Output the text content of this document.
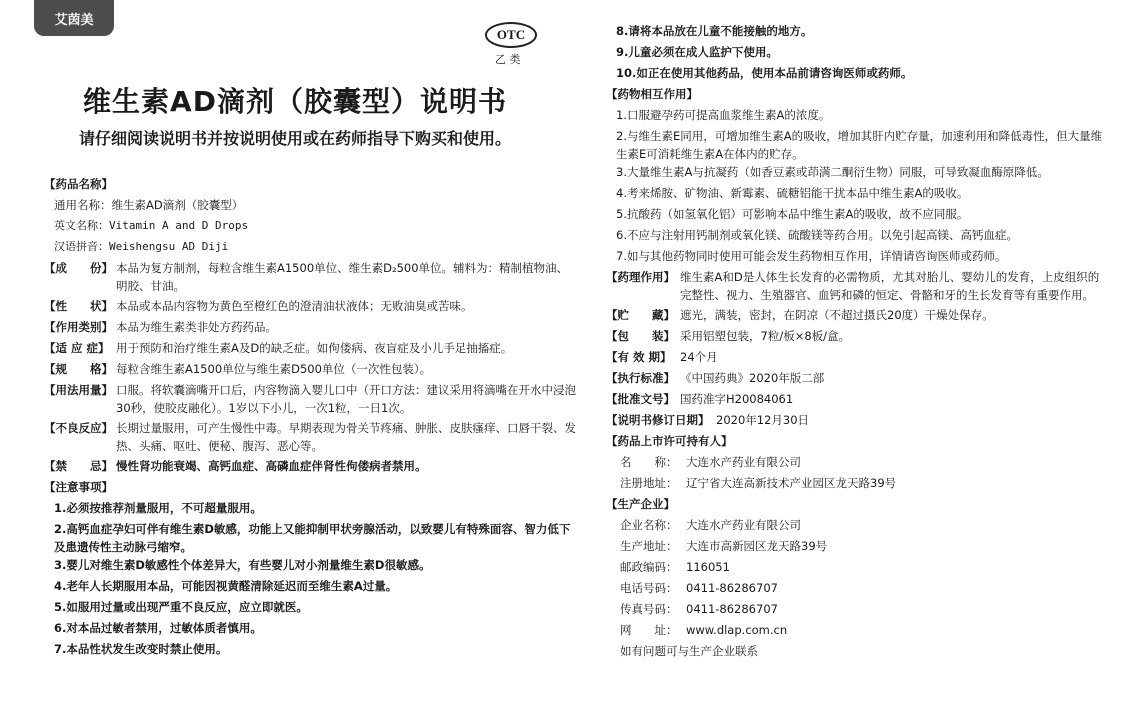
艾茵美
OTC
乙 类
维生素AD滴剂（胶囊型）说明书
请仔细阅读说明书并按说明使用或在药师指导下购买和使用。
【药品名称】
通用名称：维生素AD滴剂（胶囊型）
英文名称：Vitamin A and D Drops
汉语拼音：Weishengsu AD Diji
【成　　份】 本品为复方制剂，每粒含维生素A1500单位、维生素D₂500单位。辅料为：精制植物油、明胶、甘油。
【性　　状】 本品或本品内容物为黄色至橙红色的澄清油状液体；无败油臭或苦味。
【作用类别】 本品为维生素类非处方药药品。
【适 应 症】 用于预防和治疗维生素A及D的缺乏症。如佝偻病、夜盲症及小儿手足抽搐症。
【规　　格】 每粒含维生素A1500单位与维生素D500单位（一次性包装）。
【用法用量】 口服。将软囊滴嘴开口后，内容物滴入婴儿口中（开口方法：建议采用将滴嘴在开水中浸泡30秒，使胶皮融化）。1岁以下小儿，一次1粒，一日1次。
【不良反应】 长期过量服用，可产生慢性中毒。早期表现为骨关节疼痛、肿胀、皮肤瘙痒、口唇干裂、发热、头痛、呕吐、便秘、腹泻、恶心等。
【禁　　忌】 慢性肾功能衰竭、高钙血症、高磷血症伴肾性佝偻病者禁用。
【注意事项】
1.必须按推荐剂量服用，不可超量服用。
2.高钙血症孕妇可伴有维生素D敏感，功能上又能抑制甲状旁腺活动，以致婴儿有特殊面容、智力低下及患遗传性主动脉弓缩窄。
3.婴儿对维生素D敏感性个体差异大，有些婴儿对小剂量维生素D很敏感。
4.老年人长期服用本品，可能因视黄醛清除延迟而至维生素A过量。
5.如服用过量或出现严重不良反应，应立即就医。
6.对本品过敏者禁用，过敏体质者慎用。
7.本品性状发生改变时禁止使用。
8.请将本品放在儿童不能接触的地方。
9.儿童必须在成人监护下使用。
10.如正在使用其他药品，使用本品前请咨询医师或药师。
【药物相互作用】
1.口服避孕药可提高血浆维生素A的浓度。
2.与维生素E同用，可增加维生素A的吸收，增加其肝内贮存量，加速利用和降低毒性，但大量维生素E可消耗维生素A在体内的贮存。
3.大量维生素A与抗凝药（如香豆素或茚满二酮衍生物）同服，可导致凝血酶原降低。
4.考来烯胺、矿物油、新霉素、硫糖铝能干扰本品中维生素A的吸收。
5.抗酸药（如氢氧化铝）可影响本品中维生素A的吸收，故不应同服。
6.不应与注射用钙制剂或氧化镁、硫酸镁等药合用。以免引起高镁、高钙血症。
7.如与其他药物同时使用可能会发生药物相互作用，详情请咨询医师或药师。
【药理作用】 维生素A和D是人体生长发育的必需物质，尤其对胎儿、婴幼儿的发育，上皮组织的完整性、视力、生殖器官、血钙和磷的恒定、骨骼和牙的生长发育等有重要作用。
【贮　　藏】 遮光，满装，密封，在阴凉（不超过摄氏20度）干燥处保存。
【包　　装】 采用铝塑包装，7粒/板×8板/盒。
【有 效 期】 24个月
【执行标准】 《中国药典》2020年版二部
【批准文号】 国药准字H20084061
【说明书修订日期】 2020年12月30日
【药品上市许可持有人】
名　　称： 大连水产药业有限公司
注册地址： 辽宁省大连高新技术产业园区龙天路39号
【生产企业】
企业名称： 大连水产药业有限公司
生产地址： 大连市高新园区龙天路39号
邮政编码： 116051
电话号码： 0411-86286707
传真号码： 0411-86286707
网　　址： www.dlap.com.cn
如有问题可与生产企业联系
